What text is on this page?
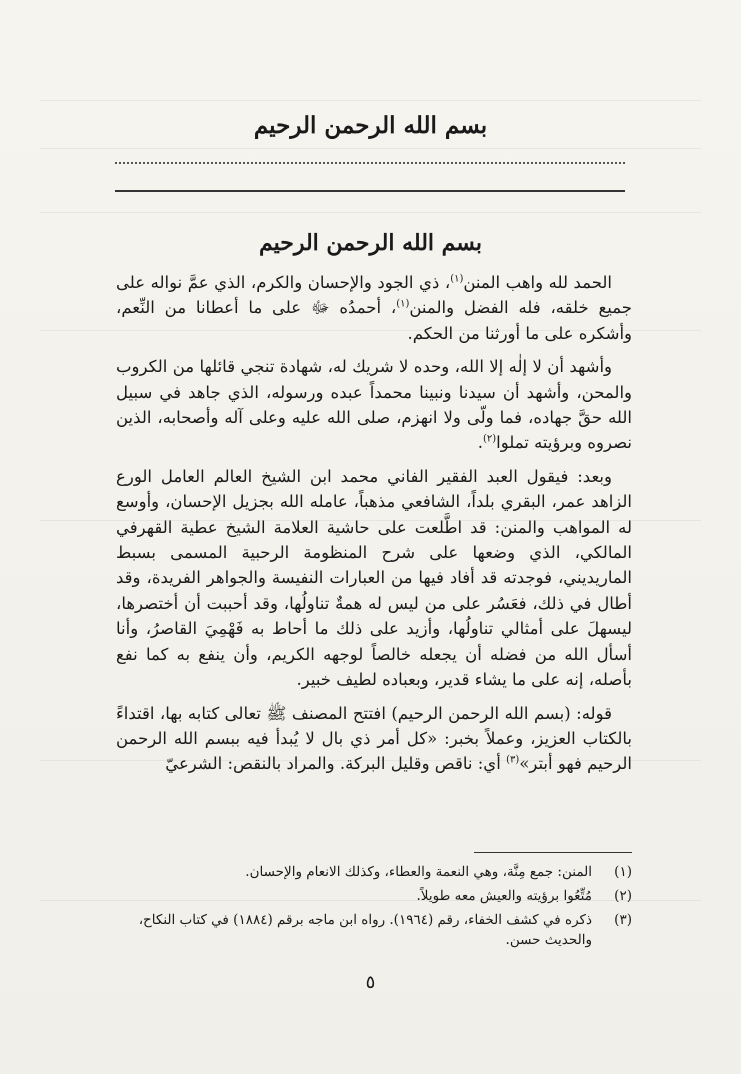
بسم الله الرحمن الرحيم
بسم الله الرحمن الرحيم

الحمد لله واهب المنن$^{(١)}$، ذي الجود والإحسان والكرم، الذي عمَّ نواله على جميع خلقه، فله الفضل والمنن$^{(١)}$، أحمدُه ﷻ على ما أعطانا من النِّعم، وأشكره على ما أورثنا من الحكم.

وأشهد أن لا إلٰه إلا الله، وحده لا شريك له، شهادة تنجي قائلها من الكروب والمحن، وأشهد أن سيدنا ونبينا محمداً عبده ورسوله، الذي جاهد في سبيل الله حقَّ جهاده، فما ولّى ولا انهزم، صلى الله عليه وعلى آله وأصحابه، الذين نصروه وبرؤيته تملوا$^{(٢)}$.

وبعد: فيقول العبد الفقير الفاني محمد ابن الشيخ العالم العامل الورع الزاهد عمر، البقري بلداً، الشافعي مذهباً، عامله الله بجزيل الإحسان، وأوسع له المواهب والمنن: قد اطَّلعت على حاشية العلامة الشيخ عطية القهرفي المالكي، الذي وضعها على شرح المنظومة الرحبية المسمى بسبط الماريديني، فوجدته قد أفاد فيها من العبارات النفيسة والجواهر الفريدة، وقد أطال في ذلك، فعَسُر على من ليس له همةٌ تناولُها، وقد أحببت أن أختصرها، ليسهلَ على أمثالي تناولُها، وأزيد على ذلك ما أحاط به فَهْمِيَ القاصرُ، وأنا أسأل الله من فضله أن يجعله خالصاً لوجهه الكريم، وأن ينفع به كما نفع بأصله، إنه على ما يشاء قدير، وبعباده لطيف خبير.

قوله: (بسم الله الرحمن الرحيم) افتتح المصنف ﷺ تعالى كتابه بها، اقتداءً بالكتاب العزيز، وعملاً بخبر: «كل أمر ذي بال لا يُبدأ فيه ببسم الله الرحمن الرحيم فهو أبتر»$^{(٣)}$ أي: ناقص وقليل البركة. والمراد بالنقص: الشرعيّ

(١)
المنن: جمع مِنَّة، وهي النعمة والعطاء، وكذلك الانعام والإحسان.
(٢)
مُتِّعُوا برؤيته والعيش معه طويلاً.
(٣)
ذكره في كشف الخفاء، رقم (١٩٦٤). رواه ابن ماجه برقم (١٨٨٤) في كتاب النكاح، والحديث حسن.
٥
